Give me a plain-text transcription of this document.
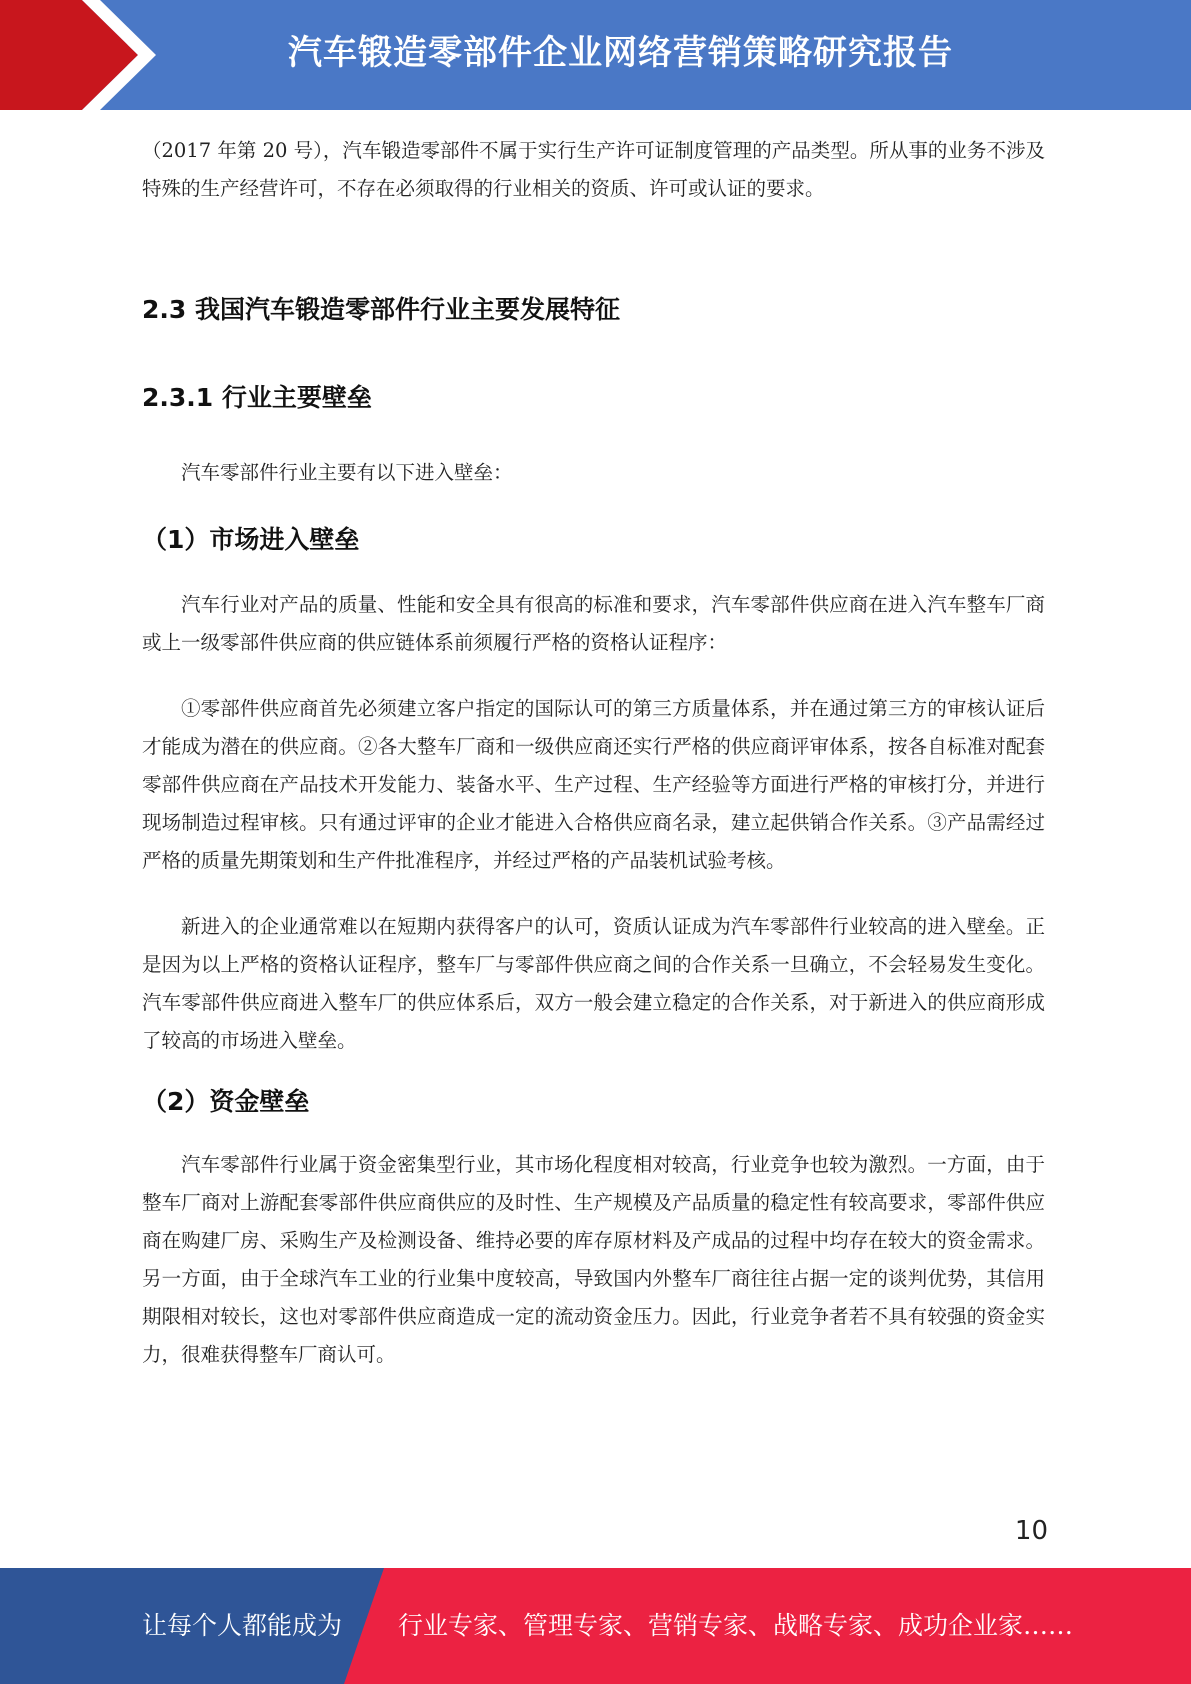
汽车锻造零部件企业网络营销策略研究报告

（2017 年第 20 号），汽车锻造零部件不属于实行生产许可证制度管理的产品类型。所从事的业务不涉及特殊的生产经营许可，不存在必须取得的行业相关的资质、许可或认证的要求。

2.3 我国汽车锻造零部件行业主要发展特征
2.3.1 行业主要壁垒

汽车零部件行业主要有以下进入壁垒：

（1）市场进入壁垒

汽车行业对产品的质量、性能和安全具有很高的标准和要求，汽车零部件供应商在进入汽车整车厂商或上一级零部件供应商的供应链体系前须履行严格的资格认证程序：

①零部件供应商首先必须建立客户指定的国际认可的第三方质量体系，并在通过第三方的审核认证后才能成为潜在的供应商。②各大整车厂商和一级供应商还实行严格的供应商评审体系，按各自标准对配套零部件供应商在产品技术开发能力、装备水平、生产过程、生产经验等方面进行严格的审核打分，并进行现场制造过程审核。只有通过评审的企业才能进入合格供应商名录，建立起供销合作关系。③产品需经过严格的质量先期策划和生产件批准程序，并经过严格的产品装机试验考核。

新进入的企业通常难以在短期内获得客户的认可，资质认证成为汽车零部件行业较高的进入壁垒。正是因为以上严格的资格认证程序，整车厂与零部件供应商之间的合作关系一旦确立，不会轻易发生变化。汽车零部件供应商进入整车厂的供应体系后，双方一般会建立稳定的合作关系，对于新进入的供应商形成了较高的市场进入壁垒。

（2）资金壁垒

汽车零部件行业属于资金密集型行业，其市场化程度相对较高，行业竞争也较为激烈。一方面，由于整车厂商对上游配套零部件供应商供应的及时性、生产规模及产品质量的稳定性有较高要求，零部件供应商在购建厂房、采购生产及检测设备、维持必要的库存原材料及产成品的过程中均存在较大的资金需求。另一方面，由于全球汽车工业的行业集中度较高，导致国内外整车厂商往往占据一定的谈判优势，其信用期限相对较长，这也对零部件供应商造成一定的流动资金压力。因此，行业竞争者若不具有较强的资金实力，很难获得整车厂商认可。

10
让每个人都能成为 行业专家、管理专家、营销专家、战略专家、成功企业家……
